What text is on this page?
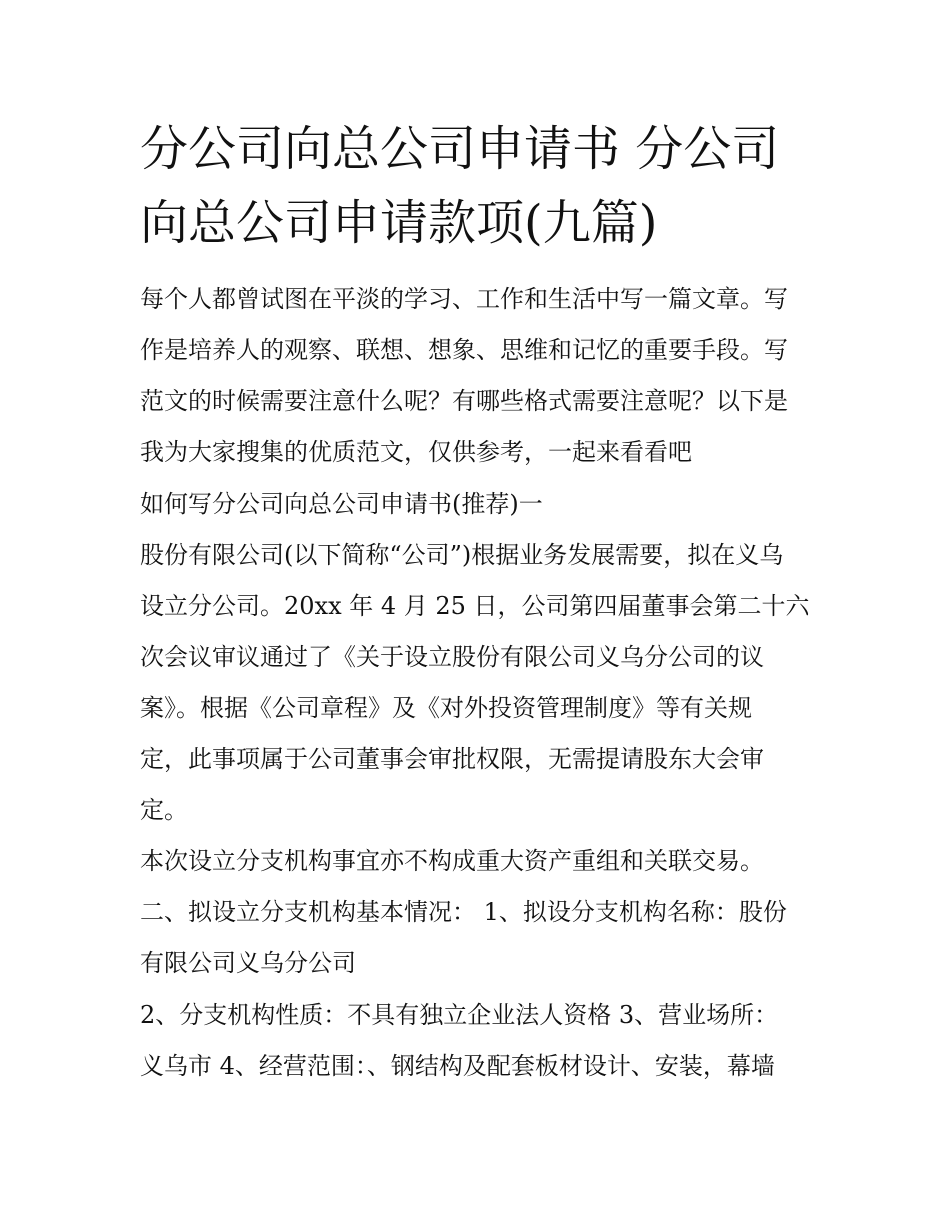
分公司向总公司申请书 分公司
向总公司申请款项(九篇)

每个人都曾试图在平淡的学习、工作和生活中写一篇文章。写

作是培养人的观察、联想、想象、思维和记忆的重要手段。写

范文的时候需要注意什么呢？有哪些格式需要注意呢？以下是

我为大家搜集的优质范文，仅供参考，一起来看看吧

如何写分公司向总公司申请书(推荐)一

股份有限公司(以下简称“公司”)根据业务发展需要，拟在义乌

设立分公司。20xx 年 4 月 25 日，公司第四届董事会第二十六

次会议审议通过了《关于设立股份有限公司义乌分公司的议

案》。根据《公司章程》及《对外投资管理制度》等有关规

定，此事项属于公司董事会审批权限，无需提请股东大会审

定。

本次设立分支机构事宜亦不构成重大资产重组和关联交易。

二、拟设立分支机构基本情况： 1、拟设分支机构名称：股份

有限公司义乌分公司

2、分支机构性质：不具有独立企业法人资格 3、营业场所：

义乌市 4、经营范围：、钢结构及配套板材设计、安装，幕墙
